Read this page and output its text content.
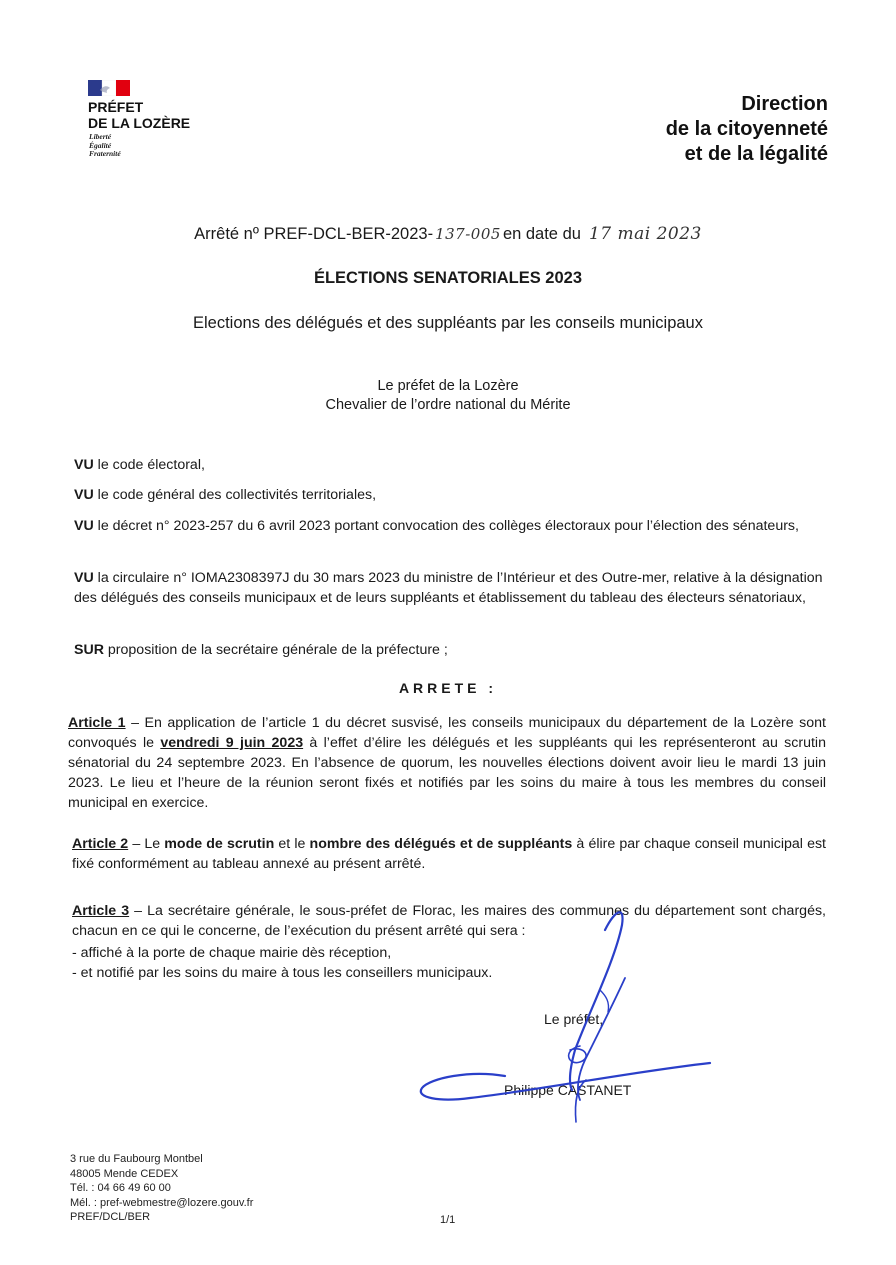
PRÉFET
DE LA LOZÈRE
Liberté
Égalité
Fraternité
Direction
de la citoyenneté
et de la légalité
Arrêté nº PREF-DCL-BER-2023- 137-005 en date du 17 mai 2023
ÉLECTIONS SENATORIALES 2023
Elections des délégués et des suppléants par les conseils municipaux
Le préfet de la Lozère
Chevalier de l’ordre national du Mérite
VU le code électoral,
VU le code général des collectivités territoriales,
VU le décret n° 2023-257 du 6 avril 2023 portant convocation des collèges électoraux pour l’élection des sénateurs,
VU la circulaire n° IOMA2308397J du 30 mars 2023 du ministre de l’Intérieur et des Outre-mer, relative à la désignation des délégués des conseils municipaux et de leurs suppléants et établissement du tableau des électeurs sénatoriaux,
SUR proposition de la secrétaire générale de la préfecture ;
ARRETE :
Article 1 – En application de l’article 1 du décret susvisé, les conseils municipaux du département de la Lozère sont convoqués le vendredi 9 juin 2023 à l’effet d’élire les délégués et les suppléants qui les représenteront au scrutin sénatorial du 24 septembre 2023. En l’absence de quorum, les nouvelles élections doivent avoir lieu le mardi 13 juin 2023. Le lieu et l’heure de la réunion seront fixés et notifiés par les soins du maire à tous les membres du conseil municipal en exercice.
Article 2 – Le mode de scrutin et le nombre des délégués et de suppléants à élire par chaque conseil municipal est fixé conformément au tableau annexé au présent arrêté.
Article 3 – La secrétaire générale, le sous-préfet de Florac, les maires des communes du département sont chargés, chacun en ce qui le concerne, de l’exécution du présent arrêté qui sera :
- affiché à la porte de chaque mairie dès réception,
- et notifié par les soins du maire à tous les conseillers municipaux.
Le préfet,
Philippe CASTANET
3 rue du Faubourg Montbel
48005 Mende CEDEX
Tél. : 04 66 49 60 00
Mél. : pref-webmestre@lozere.gouv.fr
PREF/DCL/BER	1/1
